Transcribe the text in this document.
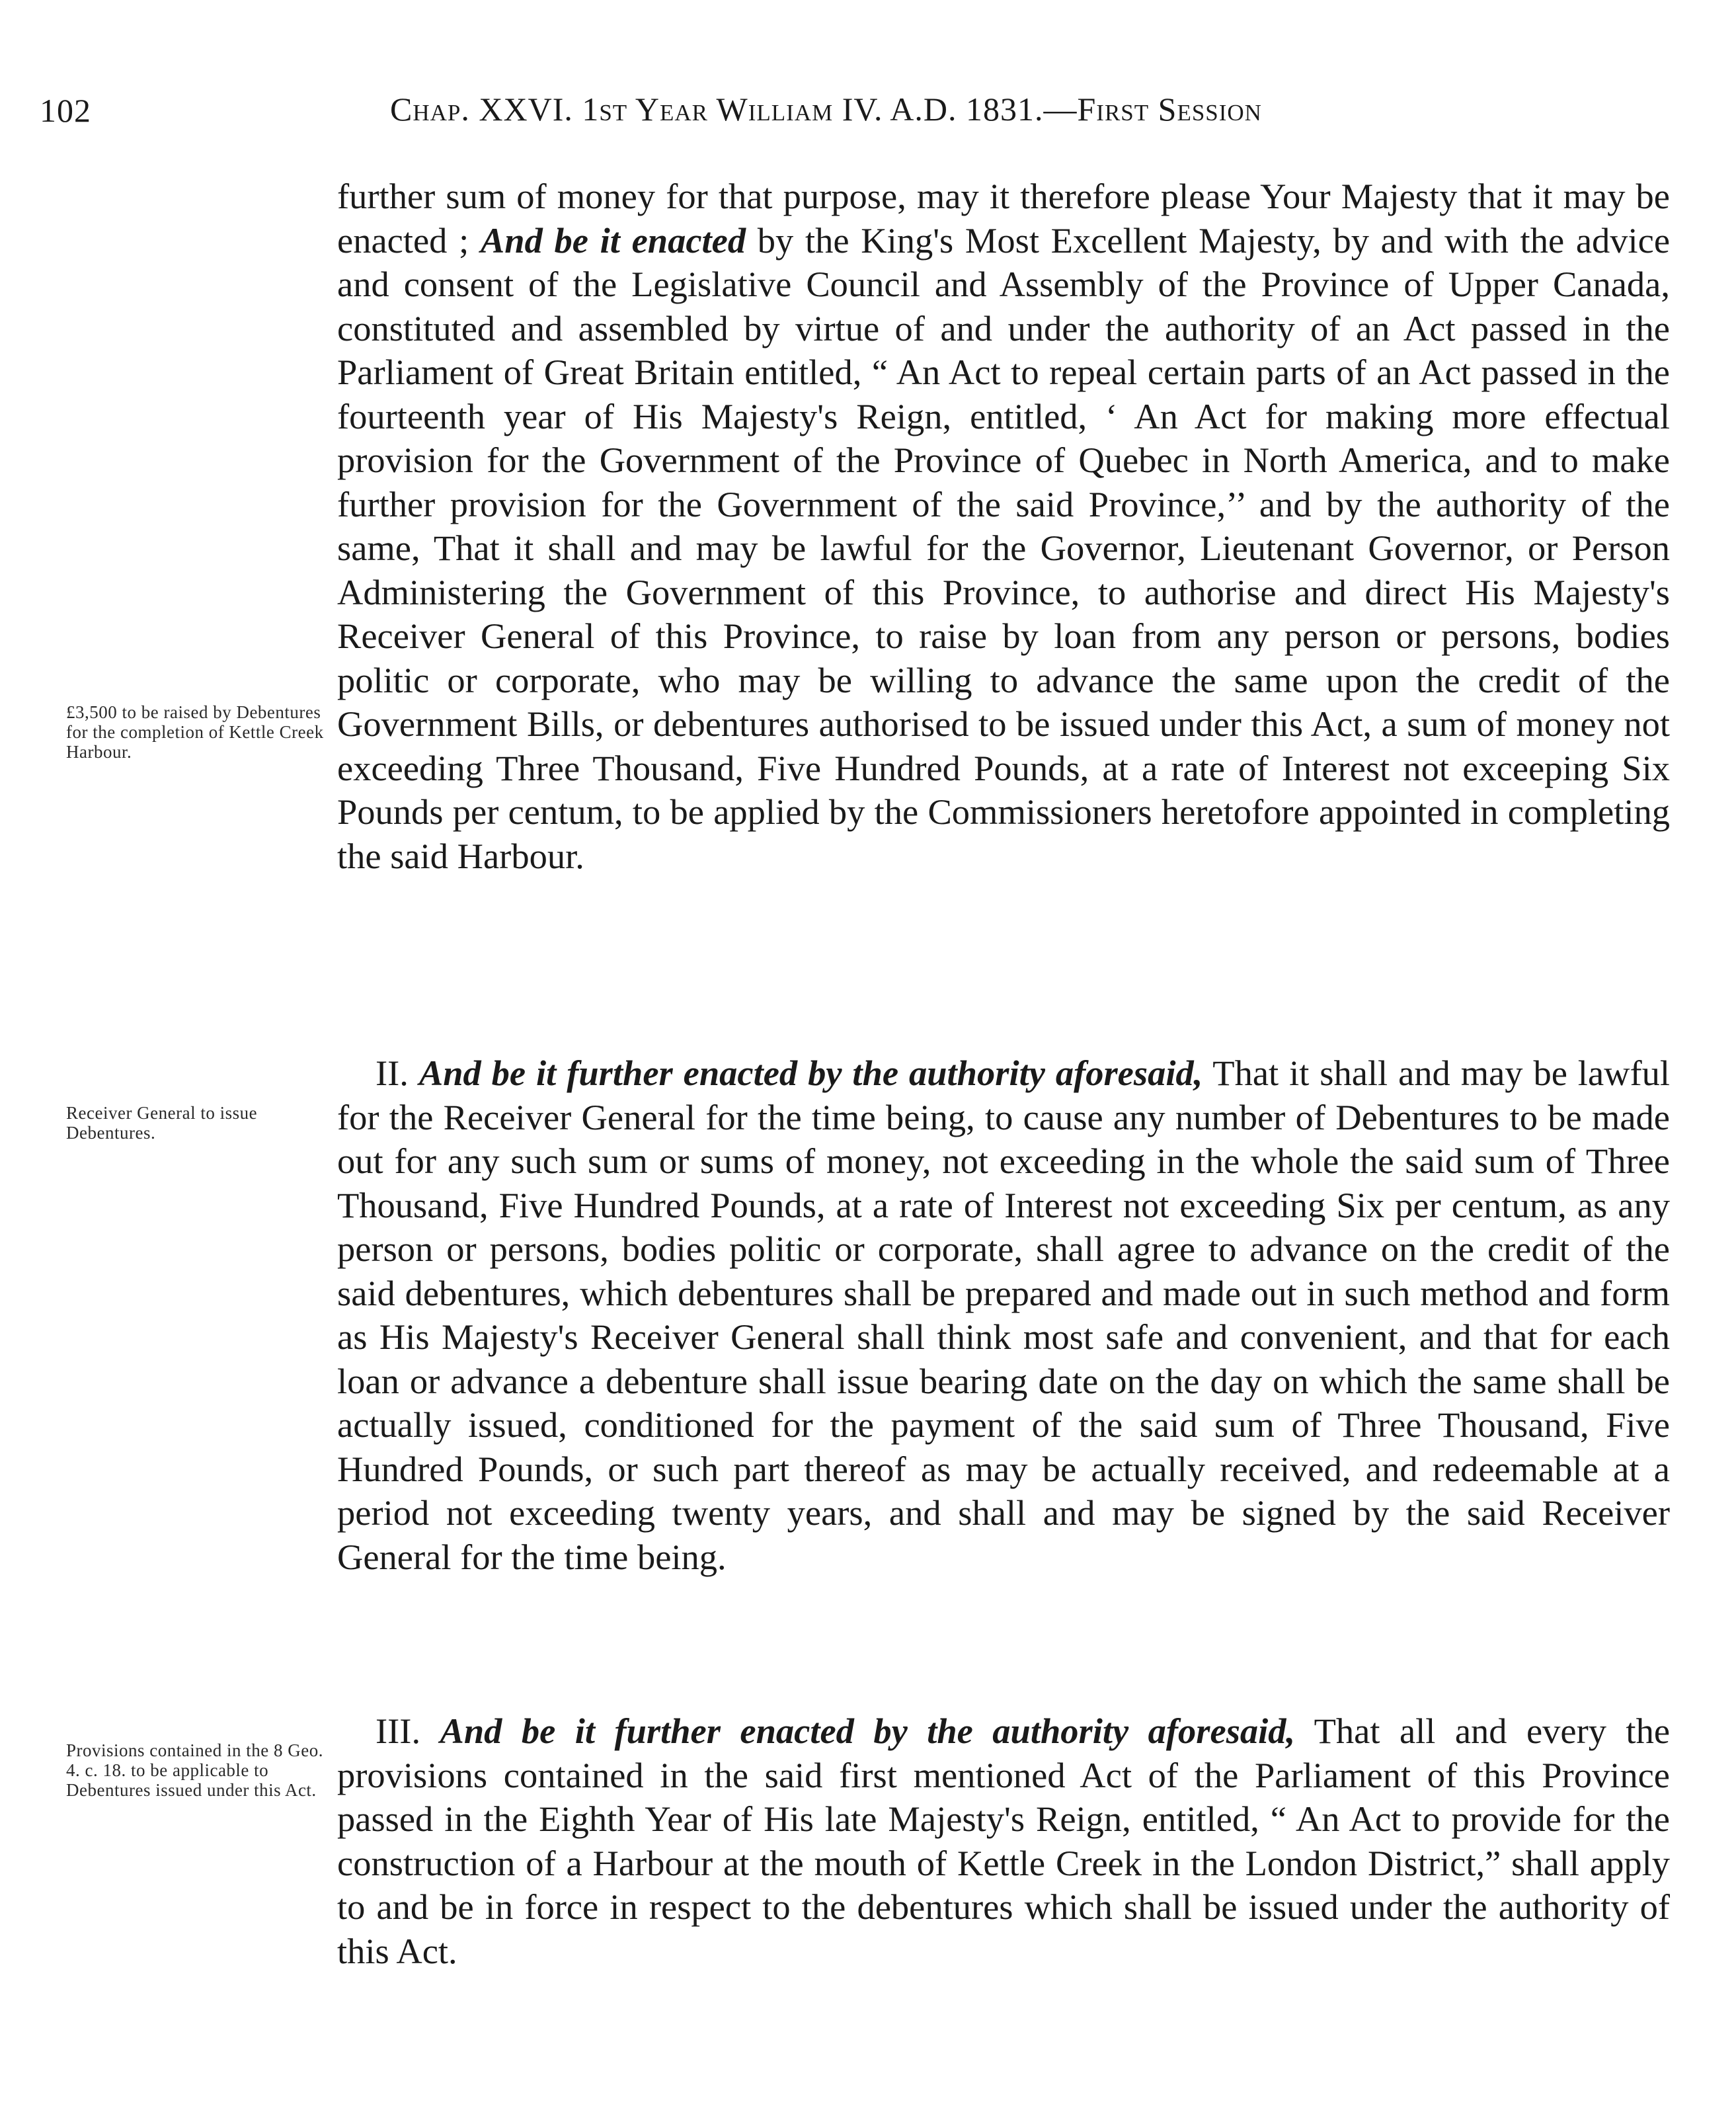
102	Chap. XXVI. 1st Year William IV. A.D. 1831.—First Session

£3,500 to be raised by Debentures for the completion of Kettle Creek Harbour.

Receiver General to issue Debentures.

Provisions contained in the 8 Geo. 4. c. 18. to be applicable to Debentures issued under this Act.

further sum of money for that purpose, may it therefore please Your Majesty that it may be enacted ; And be it enacted by the King's Most Excellent Majesty, by and with the advice and consent of the Legislative Council and Assembly of the Province of Upper Canada, constituted and assembled by virtue of and under the authority of an Act passed in the Parliament of Great Britain entitled, “ An Act to repeal certain parts of an Act passed in the fourteenth year of His Majesty's Reign, entitled, ‘ An Act for making more effectual provision for the Government of the Province of Quebec in North America, and to make further provision for the Government of the said Province,’’ and by the authority of the same, That it shall and may be lawful for the Governor, Lieutenant Governor, or Person Administering the Government of this Province, to authorise and direct His Majesty's Receiver General of this Province, to raise by loan from any person or persons, bodies politic or corporate, who may be willing to advance the same upon the credit of the Government Bills, or debentures authorised to be issued under this Act, a sum of money not exceeding Three Thousand, Five Hundred Pounds, at a rate of Interest not exceeping Six Pounds per centum, to be applied by the Commissioners heretofore appointed in completing the said Harbour.

II. And be it further enacted by the authority aforesaid, That it shall and may be lawful for the Receiver General for the time being, to cause any number of Debentures to be made out for any such sum or sums of money, not exceeding in the whole the said sum of Three Thousand, Five Hundred Pounds, at a rate of Interest not exceeding Six per centum, as any person or persons, bodies politic or corporate, shall agree to advance on the credit of the said debentures, which debentures shall be prepared and made out in such method and form as His Majesty's Receiver General shall think most safe and convenient, and that for each loan or advance a debenture shall issue bearing date on the day on which the same shall be actually issued, conditioned for the payment of the said sum of Three Thousand, Five Hundred Pounds, or such part thereof as may be actually received, and redeemable at a period not exceeding twenty years, and shall and may be signed by the said Receiver General for the time being.

III. And be it further enacted by the authority aforesaid, That all and every the provisions contained in the said first mentioned Act of the Parliament of this Province passed in the Eighth Year of His late Majesty's Reign, entitled, “ An Act to provide for the construction of a Harbour at the mouth of Kettle Creek in the London District,” shall apply to and be in force in respect to the debentures which shall be issued under the authority of this Act.
